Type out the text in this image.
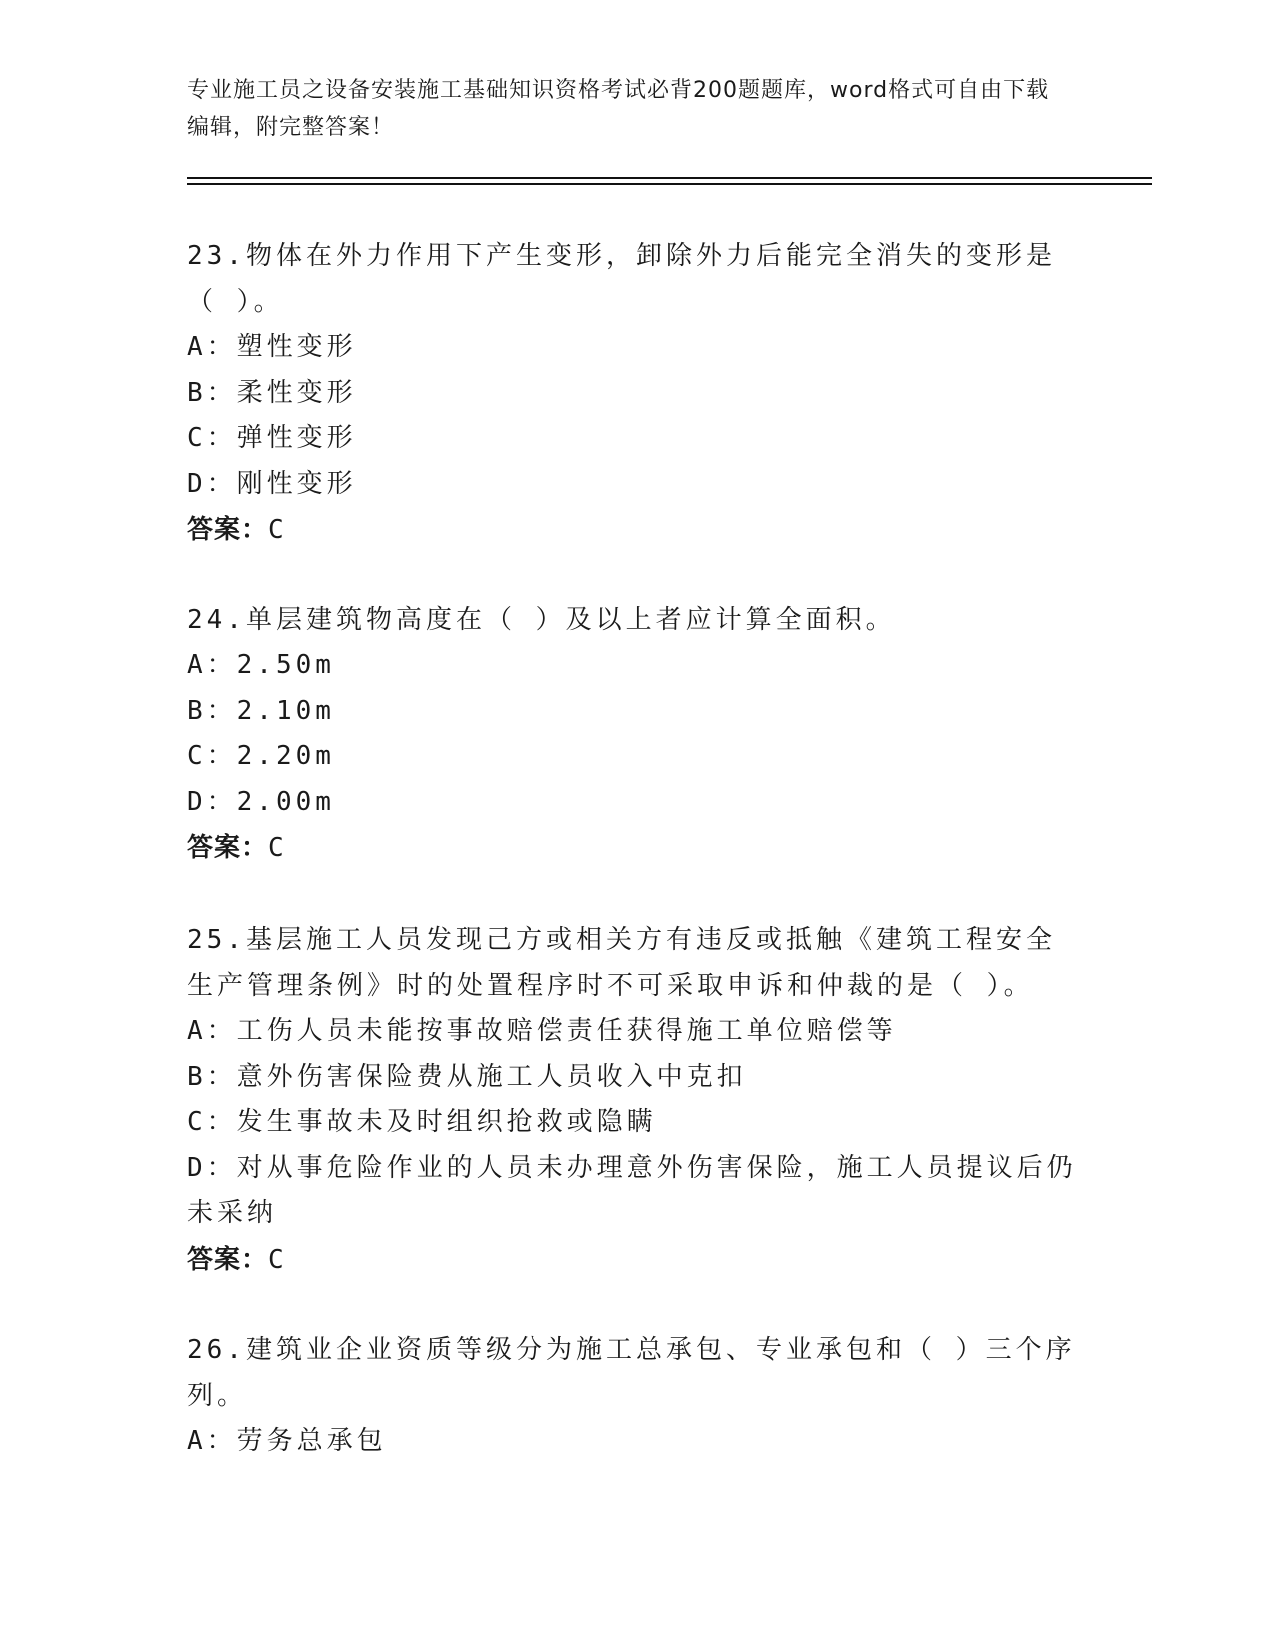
专业施工员之设备安装施工基础知识资格考试必背200题题库，word格式可自由下载编辑，附完整答案！

23.物体在外力作用下产生变形，卸除外力后能完全消失的变形是（ ）。

A：塑性变形

B：柔性变形

C：弹性变形

D：刚性变形

答案：C

24.单层建筑物高度在（ ）及以上者应计算全面积。

A：2.50m

B：2.10m

C：2.20m

D：2.00m

答案：C

25.基层施工人员发现己方或相关方有违反或抵触《建筑工程安全生产管理条例》时的处置程序时不可采取申诉和仲裁的是（ ）。

A：工伤人员未能按事故赔偿责任获得施工单位赔偿等

B：意外伤害保险费从施工人员收入中克扣

C：发生事故未及时组织抢救或隐瞒

D：对从事危险作业的人员未办理意外伤害保险，施工人员提议后仍未采纳

答案：C

26.建筑业企业资质等级分为施工总承包、专业承包和（ ）三个序列。

A：劳务总承包
